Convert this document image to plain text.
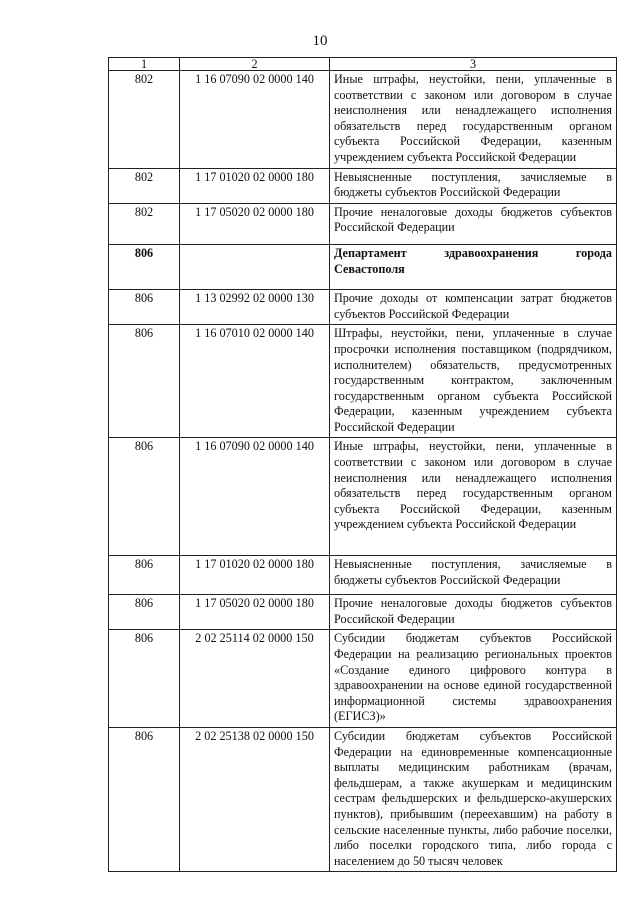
10
1	2	3
802	1 16 07090 02 0000 140	Иные штрафы, неустойки, пени, уплаченные в соответствии с законом или договором в случае неисполнения или ненадлежащего исполнения обязательств перед государственным органом субъекта Российской Федерации, казенным учреждением субъекта Российской Федерации
802	1 17 01020 02 0000 180	Невыясненные поступления, зачисляемые в бюджеты субъектов Российской Федерации
802	1 17 05020 02 0000 180	Прочие неналоговые доходы бюджетов субъектов Российской Федерации
806		Департамент здравоохранения города Севастополя
806	1 13 02992 02 0000 130	Прочие доходы от компенсации затрат бюджетов субъектов Российской Федерации
806	1 16 07010 02 0000 140	Штрафы, неустойки, пени, уплаченные в случае просрочки исполнения поставщиком (подрядчиком, исполнителем) обязательств, предусмотренных государственным контрактом, заключенным государственным органом субъекта Российской Федерации, казенным учреждением субъекта Российской Федерации
806	1 16 07090 02 0000 140	Иные штрафы, неустойки, пени, уплаченные в соответствии с законом или договором в случае неисполнения или ненадлежащего исполнения обязательств перед государственным органом субъекта Российской Федерации, казенным учреждением субъекта Российской Федерации
806	1 17 01020 02 0000 180	Невыясненные поступления, зачисляемые в бюджеты субъектов Российской Федерации
806	1 17 05020 02 0000 180	Прочие неналоговые доходы бюджетов субъектов Российской Федерации
806	2 02 25114 02 0000 150	Субсидии бюджетам субъектов Российской Федерации на реализацию региональных проектов «Создание единого цифрового контура в здравоохранении на основе единой государственной информационной системы здравоохранения (ЕГИСЗ)»
806	2 02 25138 02 0000 150	Субсидии бюджетам субъектов Российской Федерации на единовременные компенсационные выплаты медицинским работникам (врачам, фельдшерам, а также акушеркам и медицинским сестрам фельдшерских и фельдшерско-акушерских пунктов), прибывшим (переехавшим) на работу в сельские населенные пункты, либо рабочие поселки, либо поселки городского типа, либо города с населением до 50 тысяч человек
